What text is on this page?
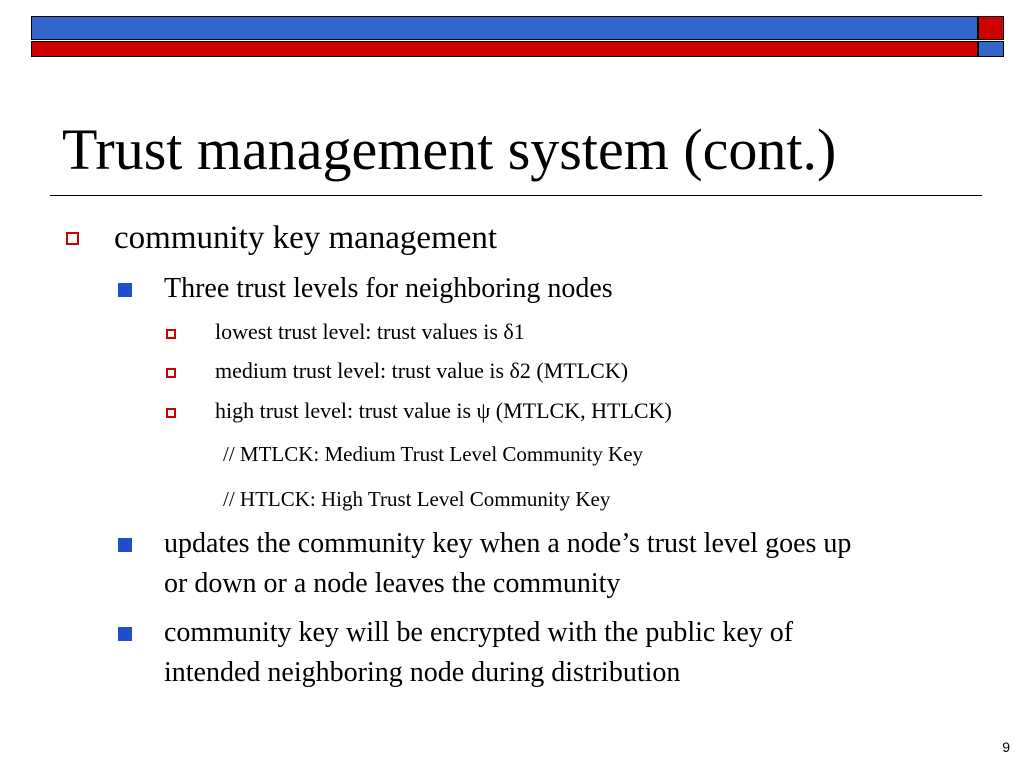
Trust management system (cont.)
community key management
Three trust levels for neighboring nodes
lowest trust level: trust values is δ1
medium trust level: trust value is δ2 (MTLCK)
high trust level: trust value is ψ (MTLCK, HTLCK)
// MTLCK: Medium Trust Level Community Key
// HTLCK: High Trust Level Community Key
updates the community key when a node’s trust level goes up
or down or a node leaves the community
community key will be encrypted with the public key of
intended neighboring node during distribution
9
